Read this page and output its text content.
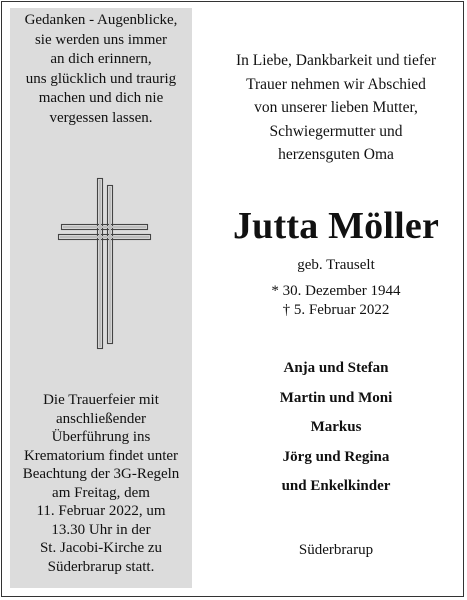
Gedanken - Augenblicke,
sie werden uns immer
an dich erinnern,
uns glücklich und traurig
machen und dich nie
vergessen lassen.
Die Trauerfeier mit
anschließender
Überführung ins
Krematorium findet unter
Beachtung der 3G-Regeln
am Freitag, dem
11. Februar 2022, um
13.30 Uhr in der
St. Jacobi-Kirche zu
Süderbrarup statt.
In Liebe, Dankbarkeit und tiefer
Trauer nehmen wir Abschied
von unserer lieben Mutter,
Schwiegermutter und
herzensguten Oma
Jutta Möller
geb. Trauselt
* 30. Dezember 1944
† 5. Februar 2022
Anja und Stefan
Martin und Moni
Markus
Jörg und Regina
und Enkelkinder
Süderbrarup
